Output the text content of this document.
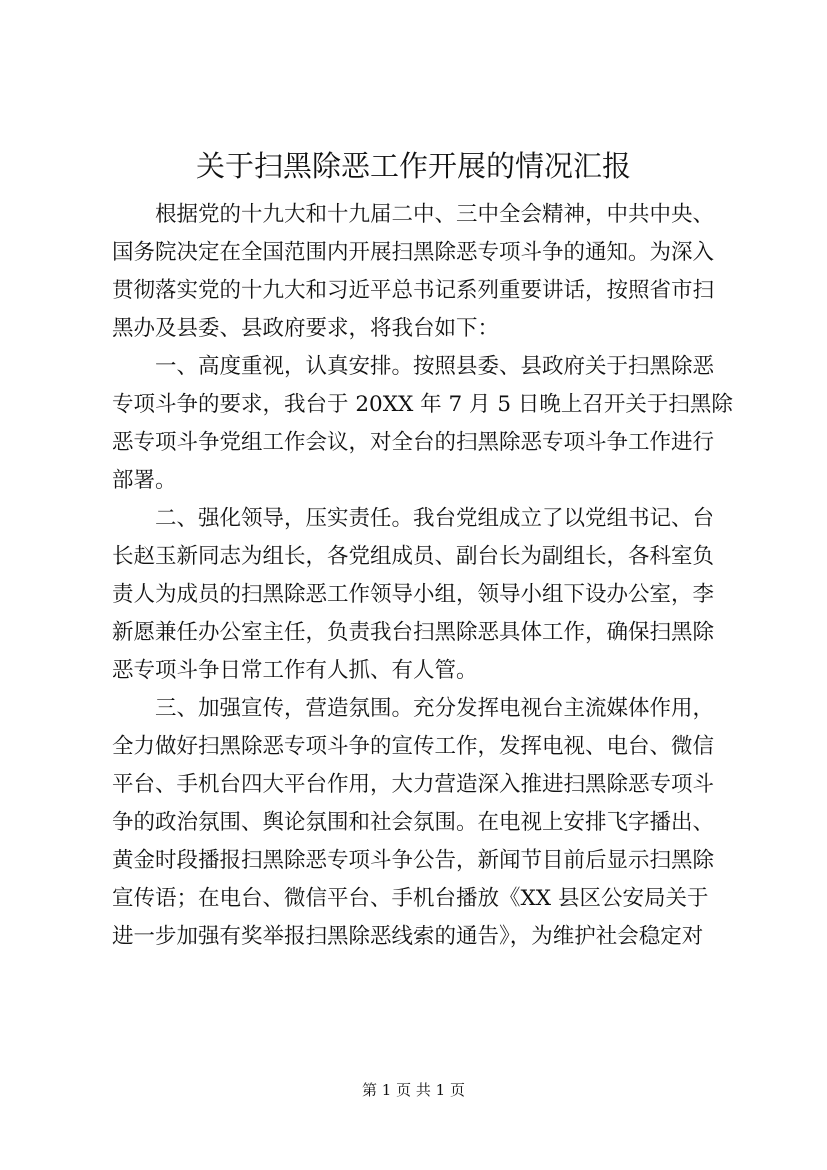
关于扫黑除恶工作开展的情况汇报
　　根据党的十九大和十九届二中、三中全会精神，中共中央、
国务院决定在全国范围内开展扫黑除恶专项斗争的通知。为深入
贯彻落实党的十九大和习近平总书记系列重要讲话，按照省市扫
黑办及县委、县政府要求，将我台如下：
　　一、高度重视，认真安排。按照县委、县政府关于扫黑除恶
专项斗争的要求，我台于 20XX 年 7 月 5 日晚上召开关于扫黑除
恶专项斗争党组工作会议，对全台的扫黑除恶专项斗争工作进行
部署。
　　二、强化领导，压实责任。我台党组成立了以党组书记、台
长赵玉新同志为组长，各党组成员、副台长为副组长，各科室负
责人为成员的扫黑除恶工作领导小组，领导小组下设办公室，李
新愿兼任办公室主任，负责我台扫黑除恶具体工作，确保扫黑除
恶专项斗争日常工作有人抓、有人管。
　　三、加强宣传，营造氛围。充分发挥电视台主流媒体作用，
全力做好扫黑除恶专项斗争的宣传工作，发挥电视、电台、微信
平台、手机台四大平台作用，大力营造深入推进扫黑除恶专项斗
争的政治氛围、舆论氛围和社会氛围。在电视上安排飞字播出、
黄金时段播报扫黑除恶专项斗争公告，新闻节目前后显示扫黑除
宣传语；在电台、微信平台、手机台播放《XX 县区公安局关于
进一步加强有奖举报扫黑除恶线索的通告》，为维护社会稳定对
第 1 页 共 1 页
